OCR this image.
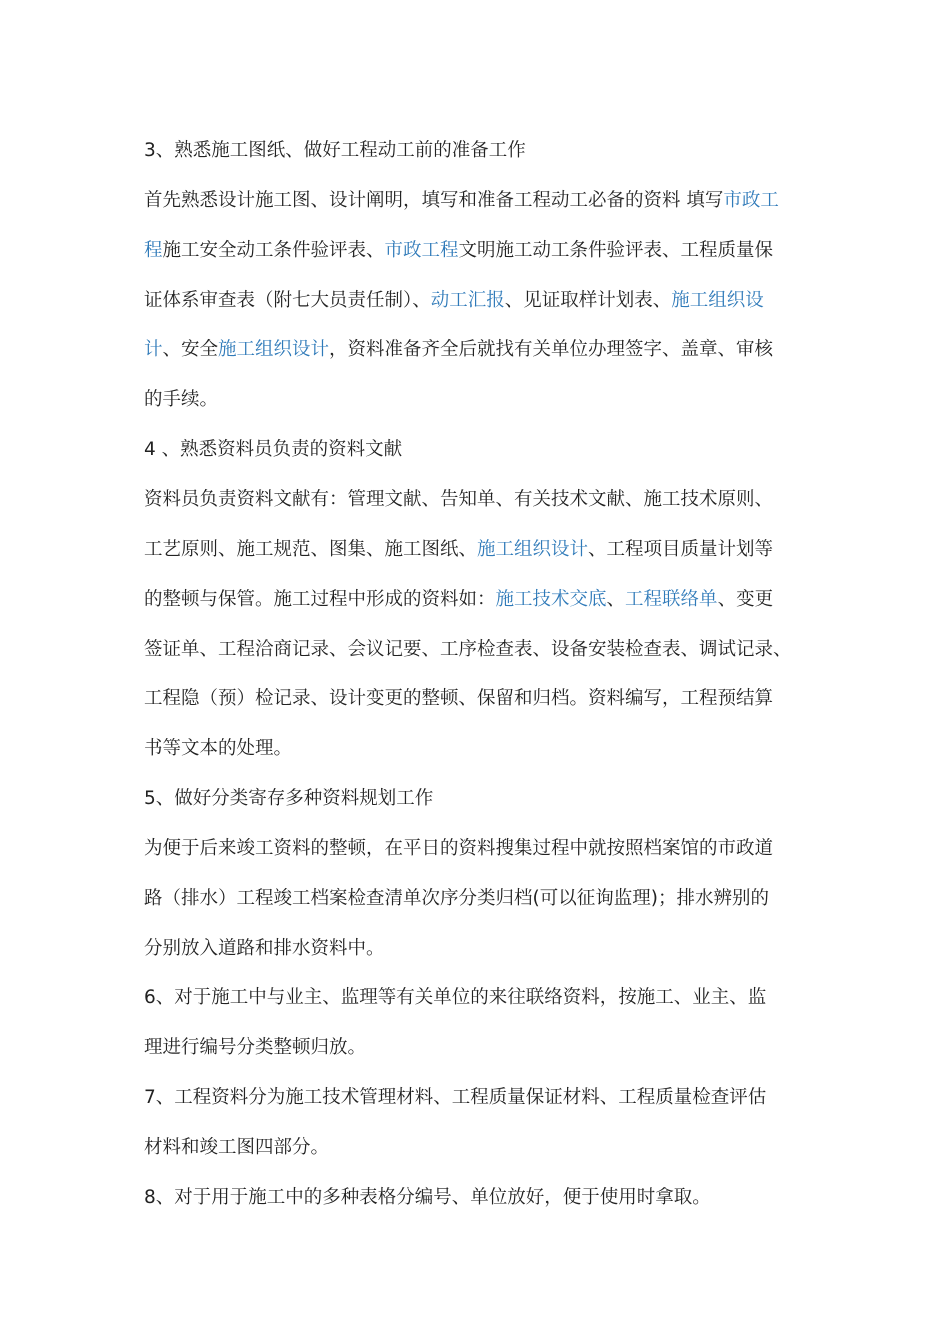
3、熟悉施工图纸、做好工程动工前的准备工作
首先熟悉设计施工图、设计阐明，填写和准备工程动工必备的资料 填写市政工
程施工安全动工条件验评表、市政工程文明施工动工条件验评表、工程质量保
证体系审查表（附七大员责任制）、动工汇报、见证取样计划表、施工组织设
计、安全施工组织设计，资料准备齐全后就找有关单位办理签字、盖章、审核
的手续。
4 、熟悉资料员负责的资料文献
资料员负责资料文献有：管理文献、告知单、有关技术文献、施工技术原则、
工艺原则、施工规范、图集、施工图纸、施工组织设计、工程项目质量计划等
的整顿与保管。施工过程中形成的资料如：施工技术交底、工程联络单、变更
签证单、工程洽商记录、会议记要、工序检查表、设备安装检查表、调试记录、
工程隐（预）检记录、设计变更的整顿、保留和归档。资料编写，工程预结算
书等文本的处理。
5、做好分类寄存多种资料规划工作
为便于后来竣工资料的整顿，在平日的资料搜集过程中就按照档案馆的市政道
路（排水）工程竣工档案检查清单次序分类归档(可以征询监理)；排水辨别的
分别放入道路和排水资料中。
6、对于施工中与业主、监理等有关单位的来往联络资料，按施工、业主、监
理进行编号分类整顿归放。
7、工程资料分为施工技术管理材料、工程质量保证材料、工程质量检查评估
材料和竣工图四部分。
8、对于用于施工中的多种表格分编号、单位放好，便于使用时拿取。
